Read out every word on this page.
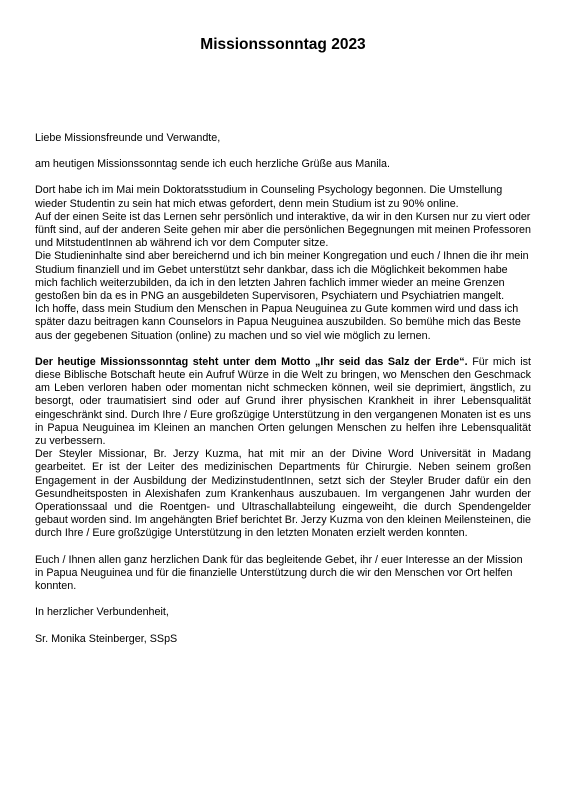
Missionssonntag 2023

Liebe Missionsfreunde und Verwandte,

am heutigen Missionssonntag sende ich euch herzliche Grüße aus Manila.

Dort habe ich im Mai mein Doktoratsstudium in Counseling Psychology begonnen. Die Umstellung wieder Studentin zu sein hat mich etwas gefordert, denn mein Studium ist zu 90% online.

Auf der einen Seite ist das Lernen sehr persönlich und interaktive, da wir in den Kursen nur zu viert oder fünft sind, auf der anderen Seite gehen mir aber die persönlichen Begegnungen mit meinen Professoren und MitstudentInnen ab während ich vor dem Computer sitze.

Die Studieninhalte sind aber bereichernd und ich bin meiner Kongregation und euch / Ihnen die ihr mein Studium finanziell und im Gebet unterstützt sehr dankbar, dass ich die Möglichkeit bekommen habe mich fachlich weiterzubilden, da ich in den letzten Jahren fachlich immer wieder an meine Grenzen gestoßen bin da es in PNG an ausgebildeten Supervisoren, Psychiatern und Psychiatrien mangelt.

Ich hoffe, dass mein Studium den Menschen in Papua Neuguinea zu Gute kommen wird und dass ich später dazu beitragen kann Counselors in Papua Neuguinea auszubilden. So bemühe mich das Beste aus der gegebenen Situation (online) zu machen und so viel wie möglich zu lernen.

Der heutige Missionssonntag steht unter dem Motto „Ihr seid das Salz der Erde“. Für mich ist diese Biblische Botschaft heute ein Aufruf Würze in die Welt zu bringen, wo Menschen den Geschmack am Leben verloren haben oder momentan nicht schmecken können, weil sie deprimiert, ängstlich, zu besorgt, oder traumatisiert sind oder auf Grund ihrer physischen Krankheit in ihrer Lebensqualität eingeschränkt sind. Durch Ihre / Eure großzügige Unterstützung in den vergangenen Monaten ist es uns in Papua Neuguinea im Kleinen an manchen Orten gelungen Menschen zu helfen ihre Lebensqualität zu verbessern.

Der Steyler Missionar, Br. Jerzy Kuzma, hat mit mir an der Divine Word Universität in Madang gearbeitet. Er ist der Leiter des medizinischen Departments für Chirurgie. Neben seinem großen Engagement in der Ausbildung der MedizinstudentInnen, setzt sich der Steyler Bruder dafür ein den Gesundheitsposten in Alexishafen zum Krankenhaus auszubauen. Im vergangenen Jahr wurden der Operationssaal und die Roentgen- und Ultraschallabteilung eingeweiht, die durch Spendengelder gebaut worden sind. Im angehängten Brief berichtet Br. Jerzy Kuzma von den kleinen Meilensteinen, die durch Ihre / Eure großzügige Unterstützung in den letzten Monaten erzielt werden konnten.

Euch / Ihnen allen ganz herzlichen Dank für das begleitende Gebet, ihr / euer Interesse an der Mission in Papua Neuguinea und für die finanzielle Unterstützung durch die wir den Menschen vor Ort helfen konnten.

In herzlicher Verbundenheit,

Sr. Monika Steinberger, SSpS
